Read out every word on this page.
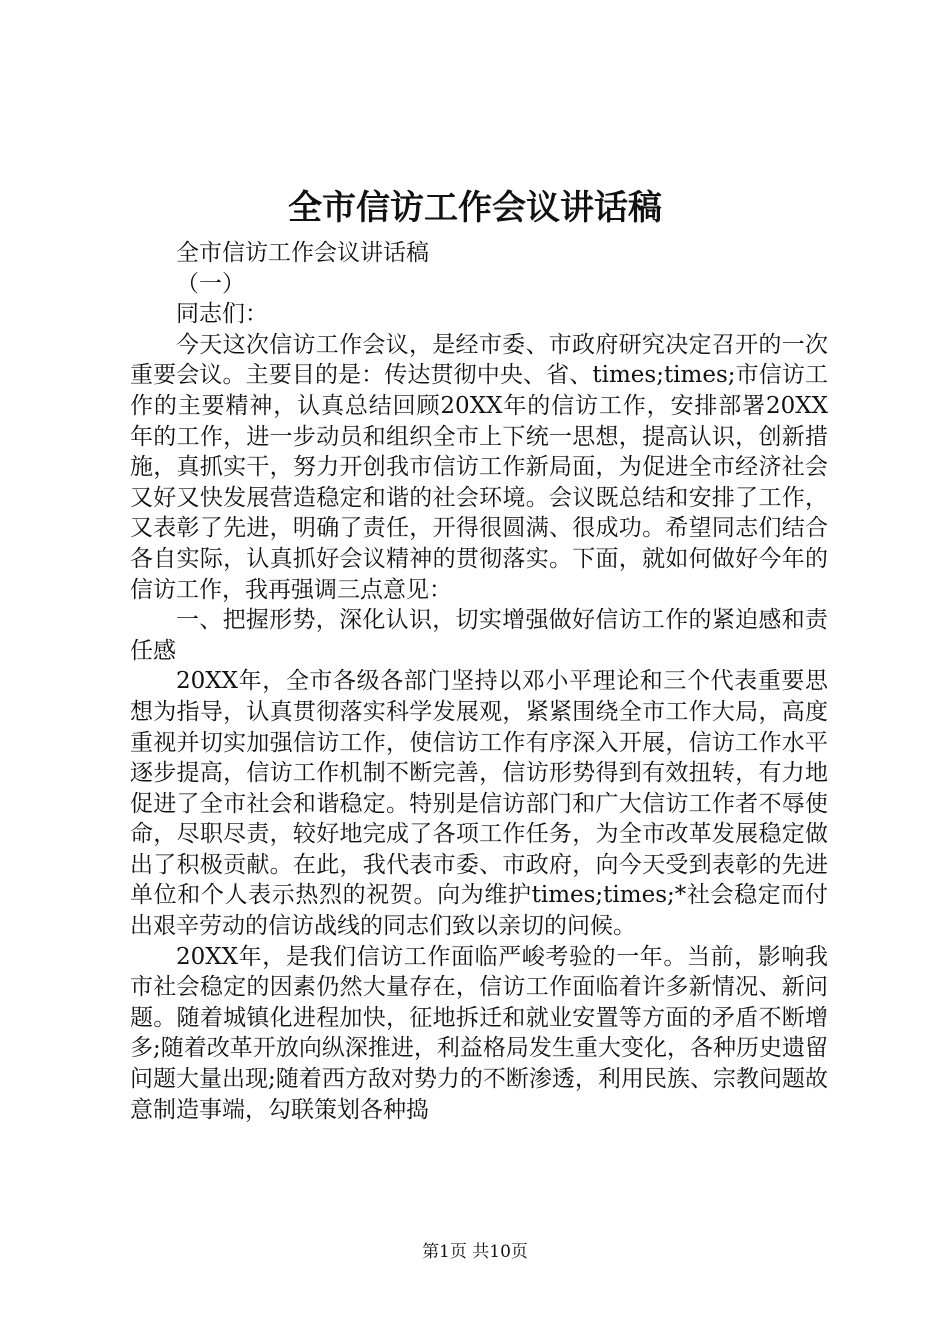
全市信访工作会议讲话稿

全市信访工作会议讲话稿

（一）

同志们：

今天这次信访工作会议，是经市委、市政府研究决定召开的一次重要会议。主要目的是：传达贯彻中央、省、times;times;市信访工作的主要精神，认真总结回顾20XX年的信访工作，安排部署20XX年的工作，进一步动员和组织全市上下统一思想，提高认识，创新措施，真抓实干，努力开创我市信访工作新局面，为促进全市经济社会又好又快发展营造稳定和谐的社会环境。会议既总结和安排了工作，又表彰了先进，明确了责任，开得很圆满、很成功。希望同志们结合各自实际，认真抓好会议精神的贯彻落实。下面，就如何做好今年的信访工作，我再强调三点意见：

一、把握形势，深化认识，切实增强做好信访工作的紧迫感和责任感

20XX年，全市各级各部门坚持以邓小平理论和三个代表重要思想为指导，认真贯彻落实科学发展观，紧紧围绕全市工作大局，高度重视并切实加强信访工作，使信访工作有序深入开展，信访工作水平逐步提高，信访工作机制不断完善，信访形势得到有效扭转，有力地促进了全市社会和谐稳定。特别是信访部门和广大信访工作者不辱使命，尽职尽责，较好地完成了各项工作任务，为全市改革发展稳定做出了积极贡献。在此，我代表市委、市政府，向今天受到表彰的先进单位和个人表示热烈的祝贺。向为维护times;times;*社会稳定而付出艰辛劳动的信访战线的同志们致以亲切的问候。

20XX年，是我们信访工作面临严峻考验的一年。当前，影响我市社会稳定的因素仍然大量存在，信访工作面临着许多新情况、新问题。随着城镇化进程加快，征地拆迁和就业安置等方面的矛盾不断增多;随着改革开放向纵深推进，利益格局发生重大变化，各种历史遗留问题大量出现;随着西方敌对势力的不断渗透，利用民族、宗教问题故意制造事端，勾联策划各种捣

第1页 共10页
